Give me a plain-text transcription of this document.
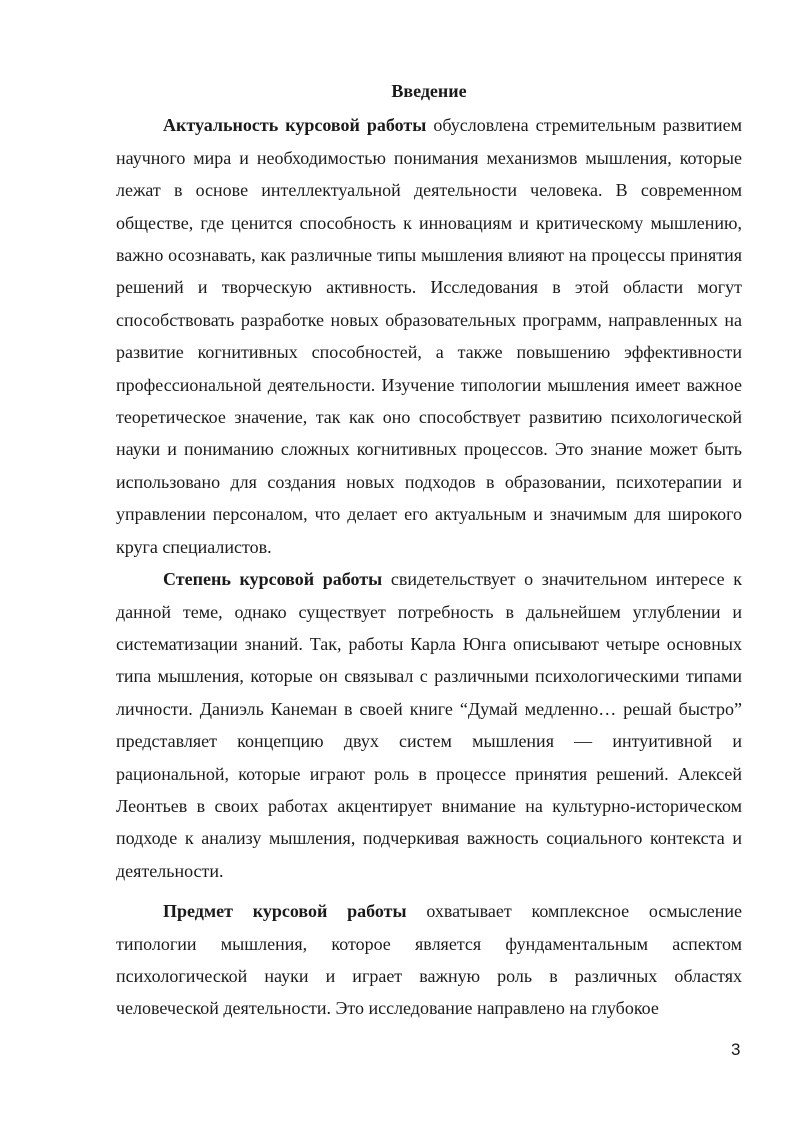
Введение

Актуальность курсовой работы обусловлена стремительным развитием научного мира и необходимостью понимания механизмов мышления, которые лежат в основе интеллектуальной деятельности человека. В современном обществе, где ценится способность к инновациям и критическому мышлению, важно осознавать, как различные типы мышления влияют на процессы принятия решений и творческую активность. Исследования в этой области могут способствовать разработке новых образовательных программ, направленных на развитие когнитивных способностей, а также повышению эффективности профессиональной деятельности. Изучение типологии мышления имеет важное теоретическое значение, так как оно способствует развитию психологической науки и пониманию сложных когнитивных процессов. Это знание может быть использовано для создания новых подходов в образовании, психотерапии и управлении персоналом, что делает его актуальным и значимым для широкого круга специалистов.

Степень курсовой работы свидетельствует о значительном интересе к данной теме, однако существует потребность в дальнейшем углублении и систематизации знаний. Так, работы Карла Юнга описывают четыре основных типа мышления, которые он связывал с различными психологическими типами личности. Даниэль Канеман в своей книге “Думай медленно… решай быстро” представляет концепцию двух систем мышления — интуитивной и рациональной, которые играют роль в процессе принятия решений. Алексей Леонтьев в своих работах акцентирует внимание на культурно-историческом подходе к анализу мышления, подчеркивая важность социального контекста и деятельности.

Предмет курсовой работы охватывает комплексное осмысление типологии мышления, которое является фундаментальным аспектом психологической науки и играет важную роль в различных областях человеческой деятельности. Это исследование направлено на глубокое

3
